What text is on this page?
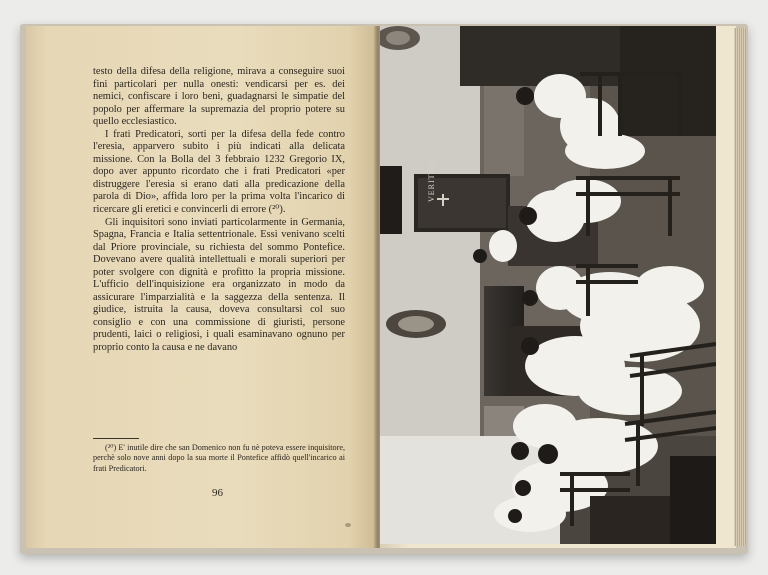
testo della difesa della religione, mirava a conseguire suoi fini particolari per nulla onesti: vendicarsi per es. dei nemici, confiscare i loro beni, guadagnarsi le simpatie del popolo per affermare la supremazia del proprio potere su quello ecclesiastico.

I frati Predicatori, sorti per la difesa della fede contro l'eresia, apparvero subito i più indicati alla delicata missione. Con la Bolla del 3 febbraio 1232 Gregorio IX, dopo aver appunto ricordato che i frati Predicatori «per distruggere l'eresia si erano dati alla predicazione della parola di Dio», affida loro per la prima volta l'incarico di ricercare gli eretici e convincerli di errore (²⁰).

Gli inquisitori sono inviati particolarmente in Germania, Spagna, Francia e Italia settentrionale. Essi venivano scelti dal Priore provinciale, su richiesta del sommo Pontefice. Dovevano avere qualità intellettuali e morali superiori per poter svolgere con dignità e profitto la propria missione. L'ufficio dell'inquisizione era organizzato in modo da assicurare l'imparzialità e la saggezza della sentenza. Il giudice, istruita la causa, doveva consultarsi col suo consiglio e con una commissione di giuristi, persone prudenti, laici o religiosi, i quali esaminavano ognuno per proprio conto la causa e ne davano

(²⁰) E' inutile dire che san Domenico non fu nè poteva essere inquisitore, perchè solo nove anni dopo la sua morte il Pontefice affidò quell'incarico ai frati Predicatori.

96
VERITAS
